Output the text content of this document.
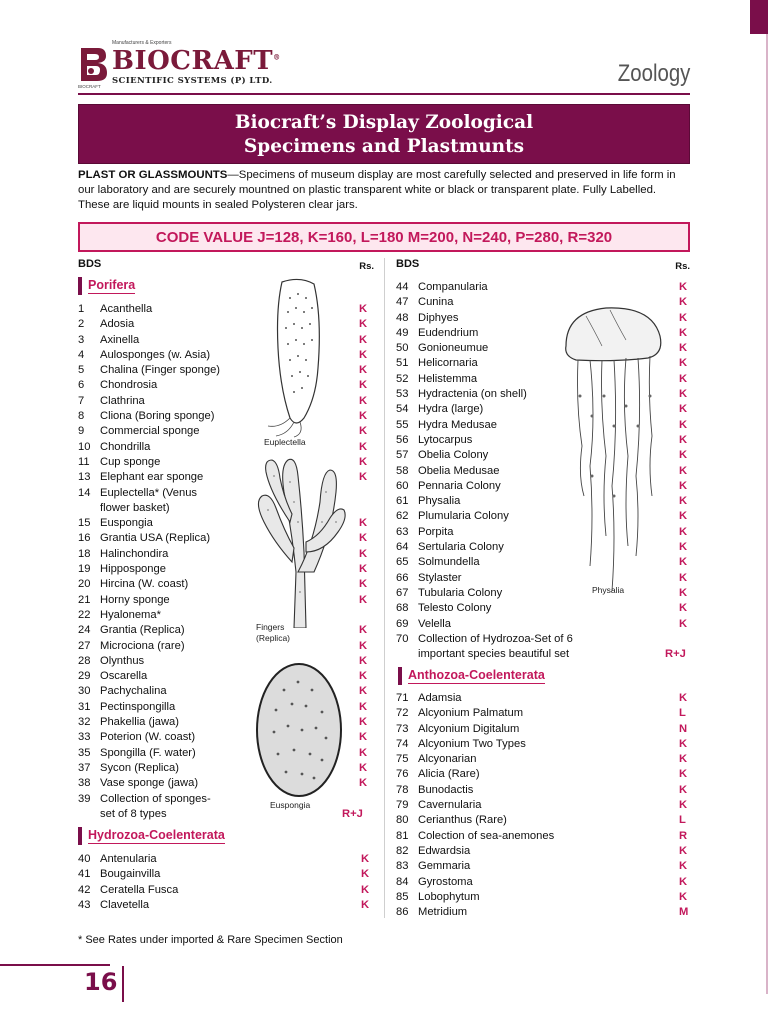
Manufacturers & Exporters
BIOCRAFT®
SCIENTIFIC SYSTEMS (P) LTD.
BIOCRAFT	Zoology
Biocraft’s Display Zoological
Specimens and Plastmunts
PLAST OR GLASSMOUNTS—Specimens of museum display are most carefully selected and preserved in life form in our laboratory and are securely mountned on plastic transparent white or black or transparent plate. Fully Labelled. These are liquid mounts in sealed Polysteren clear jars.
CODE VALUE J=128, K=160, L=180 M=200, N=240, P=280, R=320
BDS	Rs.
Porifera
1 Acanthella	K
2 Adosia	K
3 Axinella	K
4 Aulosponges (w. Asia)	K
5 Chalina (Finger sponge)	K
6 Chondrosia	K
7 Clathrina	K
8 Cliona (Boring sponge)	K
9 Commercial sponge	K
10 Chondrilla	K
11 Cup sponge	K
13 Elephant ear sponge	K
14 Euplectella* (Venus
flower basket)
15 Euspongia	K
16 Grantia USA (Replica)	K
18 Halinchondira	K
19 Hipposponge	K
20 Hircina (W. coast)	K
21 Horny sponge	K
22 Hyalonema*
24 Grantia (Replica)	K
27 Microciona (rare)	K
28 Olynthus	K
29 Oscarella	K
30 Pachychalina	K
31 Pectinspongilla	K
32 Phakellia (jawa)	K
33 Poterion (W. coast)	K
35 Spongilla (F. water)	K
37 Sycon (Replica)	K
38 Vase sponge (jawa)	K
39 Collection of sponges-
set of 8 types	R+J
Hydrozoa-Coelenterata
40 Antenularia	K
41 Bougainvilla	K
42 Ceratella Fusca	K
43 Clavetella	K
BDS	Rs.
44 Companularia	K
47 Cunina	K
48 Diphyes	K
49 Eudendrium	K
50 Gonioneumue	K
51 Helicornaria	K
52 Helistemma	K
53 Hydractenia (on shell)	K
54 Hydra (large)	K
55 Hydra Medusae	K
56 Lytocarpus	K
57 Obelia Colony	K
58 Obelia Medusae	K
60 Pennaria Colony	K
61 Physalia	K
62 Plumularia Colony	K
63 Porpita	K
64 Sertularia Colony	K
65 Solmundella	K
66 Stylaster	K
67 Tubularia Colony	K
68 Telesto Colony	K
69 Velella	K
70 Collection of Hydrozoa-Set of 6
important species beautiful set	R+J
Anthozoa-Coelenterata
71 Adamsia	K
72 Alcyonium Palmatum	L
73 Alcyonium Digitalum	N
74 Alcyonium Two Types	K
75 Alcyonarian	K
76 Alicia (Rare)	K
78 Bunodactis	K
79 Cavernularia	K
80 Cerianthus (Rare)	L
81 Colection of sea-anemones	R
82 Edwardsia	K
83 Gemmaria	K
84 Gyrostoma	K
85 Lobophytum	K
86 Metridium	M
Euplectella
Fingers
(Replica)
Euspongia
Physalia
* See Rates under imported & Rare Specimen Section
16
